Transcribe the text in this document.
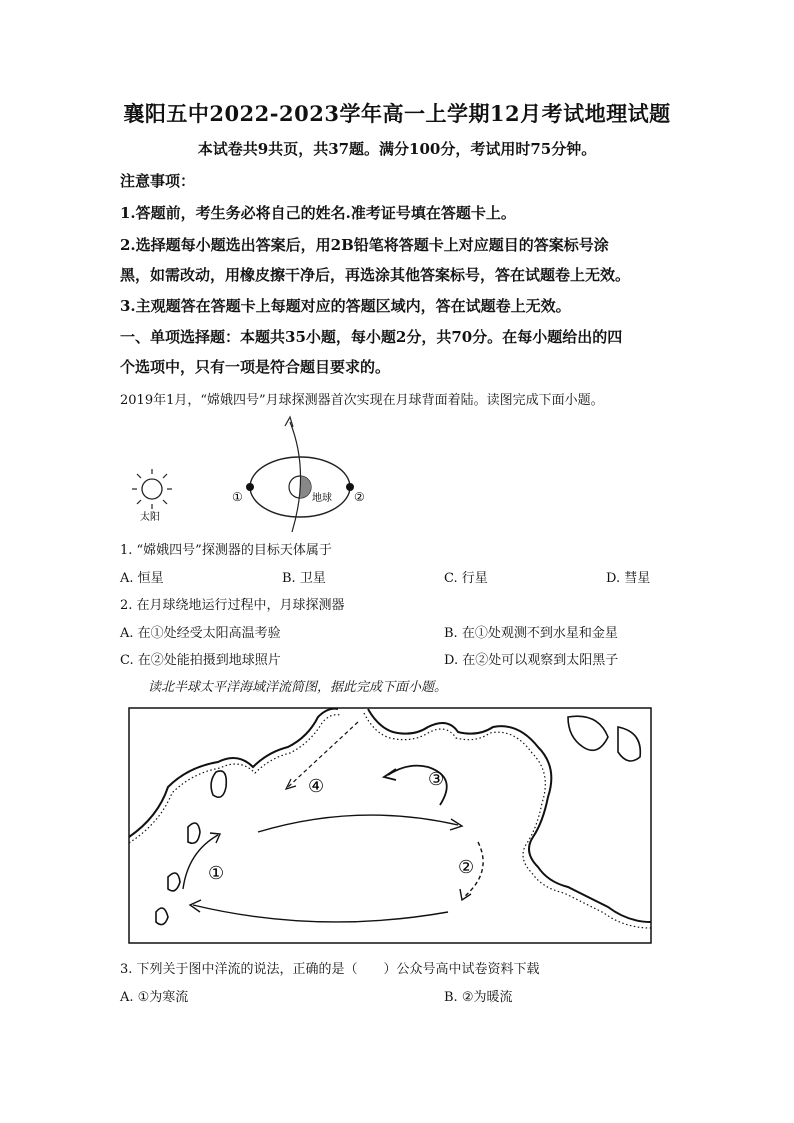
襄阳五中2022-2023学年高一上学期12月考试地理试题
本试卷共9共页，共37题。满分100分，考试用时75分钟。
注意事项：
1.答题前，考生务必将自己的姓名.准考证号填在答题卡上。
2.选择题每小题选出答案后，用2B铅笔将答题卡上对应题目的答案标号涂
黑，如需改动，用橡皮擦干净后，再选涂其他答案标号，答在试题卷上无效。
3.主观题答在答题卡上每题对应的答题区域内，答在试题卷上无效。
一、单项选择题：本题共35小题，每小题2分，共70分。在每小题给出的四
个选项中，只有一项是符合题目要求的。
2019年1月，“嫦娥四号”月球探测器首次实现在月球背面着陆。读图完成下面小题。
太阳
①	②
地球
1. “嫦娥四号”探测器的目标天体属于
A. 恒星	B. 卫星	C. 行星	D. 彗星
2. 在月球绕地运行过程中，月球探测器
A. 在①处经受太阳高温考验	B. 在①处观测不到水星和金星
C. 在②处能拍摄到地球照片	D. 在②处可以观察到太阳黑子
读北半球太平洋海域洋流简图，据此完成下面小题。
①	②
③
④
3. 下列关于图中洋流的说法，正确的是（　　）公众号高中试卷资料下载
A. ①为寒流	B. ②为暖流
